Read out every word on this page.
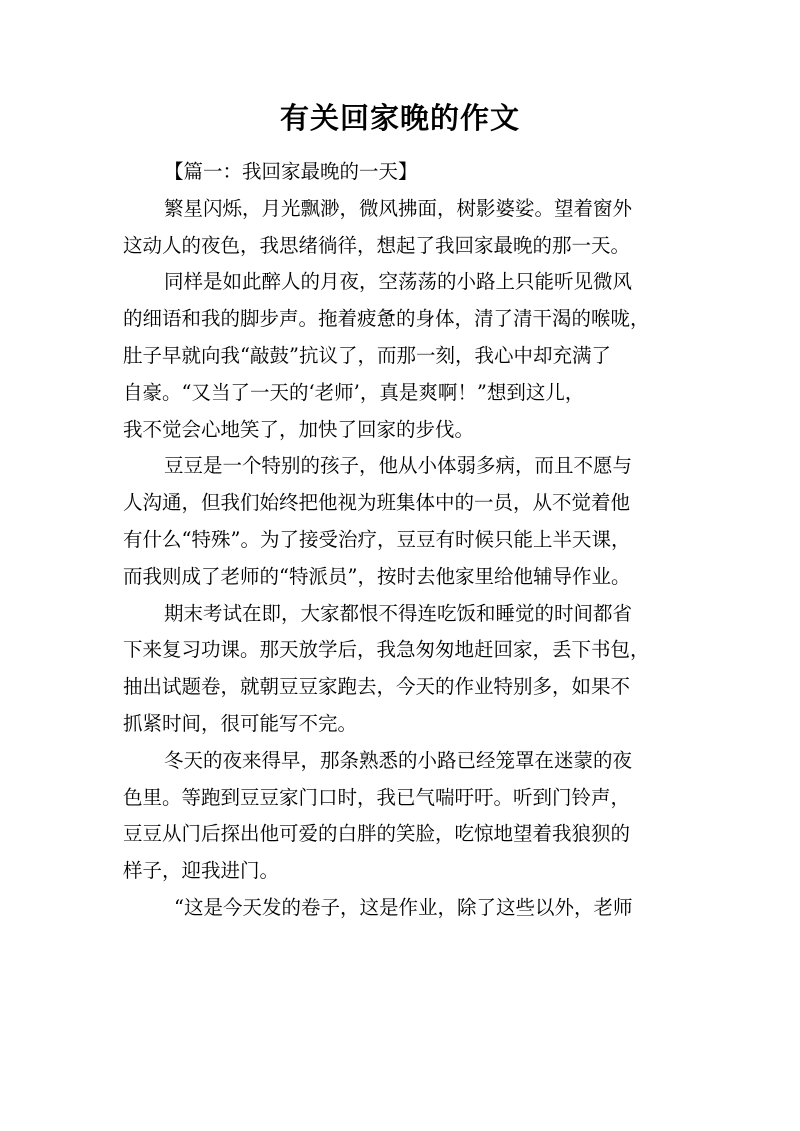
有关回家晚的作文
【篇一：我回家最晚的一天】
繁星闪烁，月光飘渺，微风拂面，树影婆娑。望着窗外
这动人的夜色，我思绪徜徉，想起了我回家最晚的那一天。
同样是如此醉人的月夜，空荡荡的小路上只能听见微风
的细语和我的脚步声。拖着疲惫的身体，清了清干渴的喉咙，
肚子早就向我“敲鼓”抗议了，而那一刻，我心中却充满了
自豪。“又当了一天的‘老师’，真是爽啊！”想到这儿，
我不觉会心地笑了，加快了回家的步伐。
豆豆是一个特别的孩子，他从小体弱多病，而且不愿与
人沟通，但我们始终把他视为班集体中的一员，从不觉着他
有什么“特殊”。为了接受治疗，豆豆有时候只能上半天课，
而我则成了老师的“特派员”，按时去他家里给他辅导作业。
期末考试在即，大家都恨不得连吃饭和睡觉的时间都省
下来复习功课。那天放学后，我急匆匆地赶回家，丢下书包，
抽出试题卷，就朝豆豆家跑去，今天的作业特别多，如果不
抓紧时间，很可能写不完。
冬天的夜来得早，那条熟悉的小路已经笼罩在迷蒙的夜
色里。等跑到豆豆家门口时，我已气喘吁吁。听到门铃声，
豆豆从门后探出他可爱的白胖的笑脸，吃惊地望着我狼狈的
样子，迎我进门。
“这是今天发的卷子，这是作业，除了这些以外，老师
